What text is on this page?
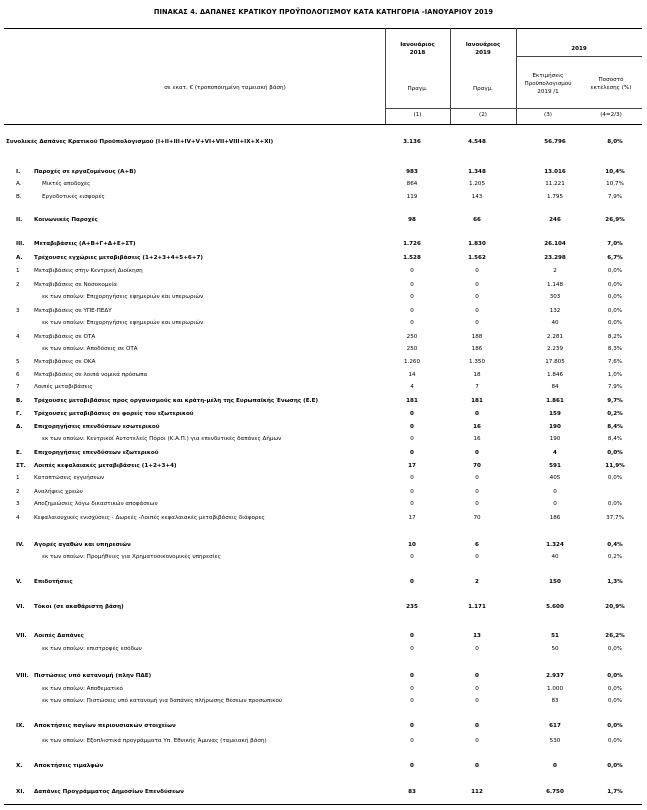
ΠΙΝΑΚΑΣ 4. ΔΑΠΑΝΕΣ ΚΡΑΤΙΚΟΥ ΠΡΟΫΠΟΛΟΓΙΣΜΟΥ ΚΑΤΑ ΚΑΤΗΓΟΡΙΑ -ΙΑΝΟΥΑΡΙΟΥ 2019
Ιανουάριος
2018
Ιανουάριος
2019
2019
σε εκατ. € (τροποποιημένη ταμειακή βάση)	Πραγμ.	Πραγμ.
Εκτιμήσεις
Προϋπολογισμού
2019 /1
Ποσοστό
εκτέλεσης (%)
(1)	(2)	(3)	(4=2/3)
Συνολικές Δαπάνες Κρατικού Προϋπολογισμού (I+II+III+IV+V+VI+VII+VIII+IX+X+XI)	3.136	4.548	56.796	8,0%
I.	Παροχές σε εργαζομένους (Α+Β)	983	1.348	13.016	10,4%
Α.	Μικτές αποδοχές	864	1.205	11.221	10,7%
Β.	Εργοδοτικές εισφορές	119	143	1.795	7,9%
II.	Κοινωνικές Παροχές	98	66	246	26,9%
III.	Μεταβιβάσεις (Α+Β+Γ+Δ+Ε+ΣΤ)	1.726	1.830	26.104	7,0%
Α.	Τρέχουσες εγχώριες μεταβιβάσεις (1+2+3+4+5+6+7)	1.528	1.562	23.298	6,7%
1	Μεταβιβάσεις στην Κεντρική Διοίκηση	0	0	2	0,0%
2	Μεταβιβάσεις σε Νοσοκομεία	0	0	1.148	0,0%
εκ των οποίων: Επιχορηγήσεις εφημεριών και υπερωριών	0	0	303	0,0%
3	Μεταβιβάσεις σε ΥΠΕ-ΠΕΔΥ	0	0	132	0,0%
εκ των οποίων: Επιχορηγήσεις εφημεριών και υπερωριών	0	0	40	0,0%
4	Μεταβιβάσεις σε ΟΤΑ	250	188	2.281	8,2%
εκ των οποίων: Αποδόσεις σε ΟΤΑ	250	186	2.239	8,3%
5	Μεταβιβάσεις σε ΟΚΑ	1.260	1.350	17.805	7,6%
6	Μεταβιβάσεις σε λοιπά νομικά πρόσωπα	14	18	1.846	1,0%
7	Λοιπές μεταβιβάσεις	4	7	84	7,9%
Β.	Τρέχουσες μεταβιβάσεις προς οργανισμούς και κράτη-μέλη της Ευρωπαϊκής Ένωσης (Ε.Ε)	181	181	1.861	9,7%
Γ.	Τρέχουσες μεταβιβάσεις σε φορείς του εξωτερικού	0	0	159	0,2%
Δ.	Επιχορηγήσεις επενδύσεων εσωτερικού	0	16	190	8,4%
εκ των οποίων: Κεντρικοί Αυτοτελείς Πόροι (Κ.Α.Π.) για επενδυτικές δαπάνες Δήμων	0	16	190	8,4%
Ε.	Επιχορηγήσεις επενδύσεων εξωτερικού	0	0	4	0,0%
ΣΤ.	Λοιπές κεφαλαιακές μεταβιβάσεις (1+2+3+4)	17	70	591	11,9%
1	Καταπτώσεις εγγυήσεων	0	0	405	0,0%
2	Αναλήψεις χρεών	0	0	0
3	Αποζημιώσεις λόγω δικαστικών αποφάσεων	0	0	0	0,0%
4	Κεφαλαιουχικές ενισχύσεις - Δωρεές -Λοιπές κεφαλαιακές μεταβιβάσεις διάφορες	17	70	186	37,7%
IV.	Αγορές αγαθών και υπηρεσιών	10	6	1.324	0,4%
εκ των οποίων: Προμήθειες για Χρηματοοικονομικές υπηρεσίες	0	0	40	0,2%
V.	Επιδοτήσεις	0	2	150	1,3%
VI.	Τόκοι (σε ακαθάριστη βάση)	235	1.171	5.600	20,9%
VII.	Λοιπές Δαπάνες	0	13	51	26,2%
εκ των οποίων: επιστροφές εσόδων	0	0	50	0,0%
VIII. Πιστώσεις υπό κατανομή (πλην ΠΔΕ)	0	0	2.937	0,0%
εκ των οποίων: Αποθεματικό	0	0	1.000	0,0%
εκ των οποίων: Πιστώσεις υπό κατανομή για δαπάνες πλήρωσης θέσεων προσωπικού	0	0	83	0,0%
IX.	Αποκτήσεις παγίων περιουσιακών στοιχείων	0	0	617	0,0%
εκ των οποίων: Εξοπλιστικά προγράμματα Υπ. Εθνικής Άμυνας (ταμειακή βάση)	0	0	530	0,0%
X.	Αποκτήσεις τιμαλφών	0	0	0	0,0%
XI.	Δαπάνες Προγράμματος Δημοσίων Επενδύσεων	83	112	6.750	1,7%
